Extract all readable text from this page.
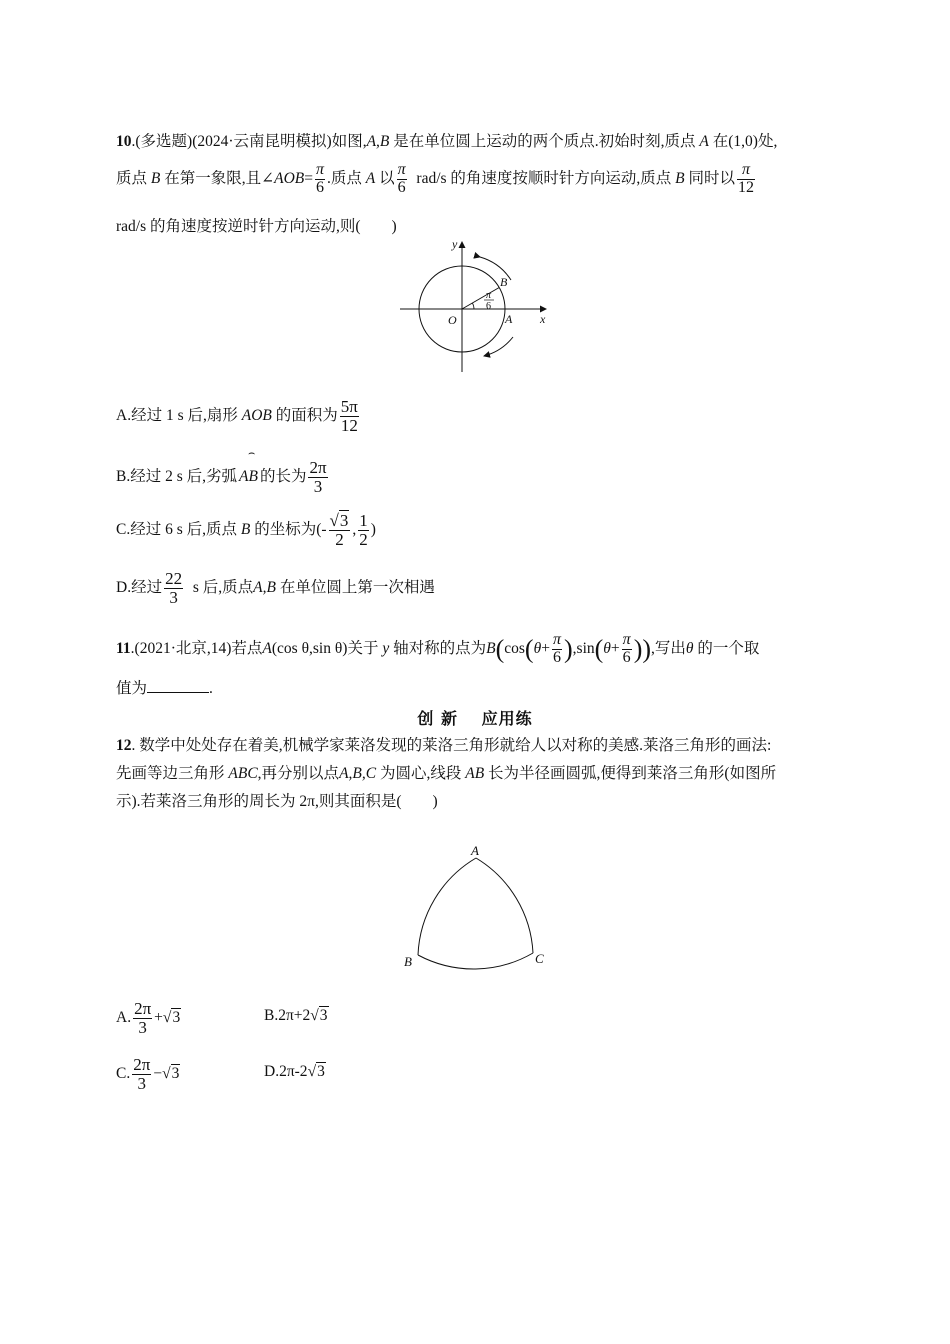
10.(多选题)(2024·云南昆明模拟)如图,A,B 是在单位圆上运动的两个质点.初始时刻,质点 A 在(1,0)处,
质点 B 在第一象限,且∠AOB= $\frac{\pi}{6}$ .质点 A 以 $\frac{\pi}{6} rad/s$ 的角速度按顺时针方向运动,质点 B 同时以 $\frac{\pi}{12}$
rad/s 的角速度按逆时针方向运动,则(　　)
y
x
O	A
B
π
6
A.经过 1 s 后,扇形 AOB 的面积为 $\frac{5\pi}{12}$
B.经过 2 s 后,劣弧
⌢
AB 的长为 $\frac{2\pi}{3}$
C.经过 6 s 后,质点 B 的坐标为(- $\frac{√3}{2}$ , $\frac{1}{2}$ )
D.经过 $\frac{22}{3}$ s 后,质点A,B 在单位圆上第一次相遇
11.(2021·北京,14)若点A(cos θ,sin θ)关于 y 轴对称的点为$B(\cos(\theta+ \frac{\pi}{6} ),\sin(\theta+ \frac{\pi}{6}$ )),写出θ 的一个取
值为	.
创 新　 应用练
12. 数学中处处存在着美,机械学家莱洛发现的莱洛三角形就给人以对称的美感.莱洛三角形的画法:
先画等边三角形 ABC,再分别以点A,B,C 为圆心,线段 AB 长为半径画圆弧,便得到莱洛三角形(如图所
示).若莱洛三角形的周长为 2π,则其面积是(　　)
A
B	C
A. $\frac{2\pi}{3} +√3$	B.2π+2√3
C. $\frac{2\pi}{3} -√3$	D.2π-2√3
